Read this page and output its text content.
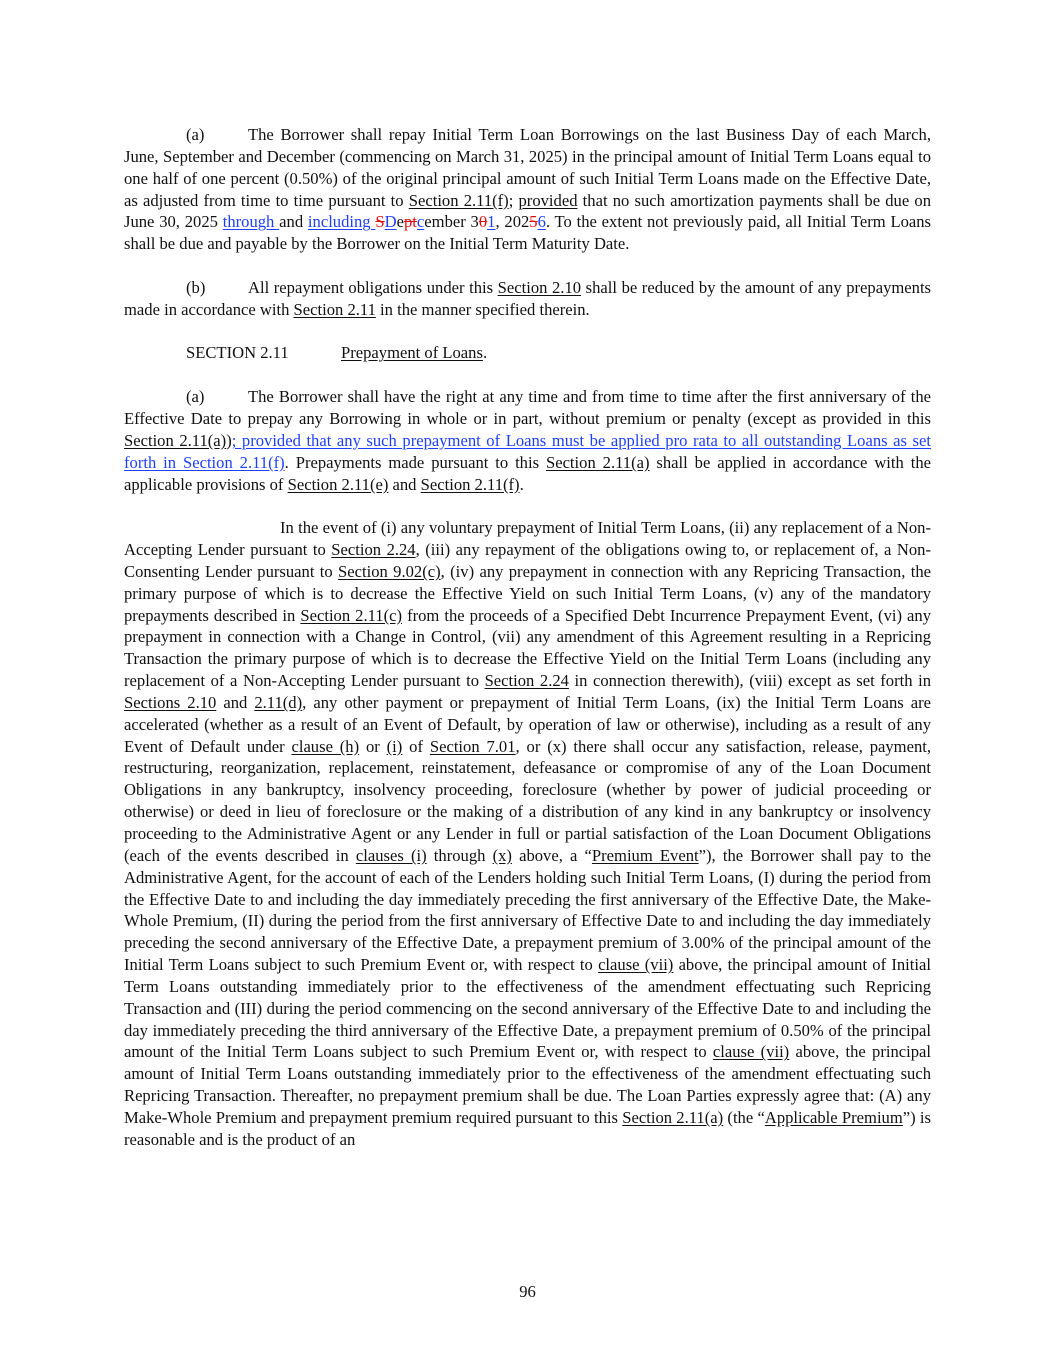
(a)	The Borrower shall repay Initial Term Loan Borrowings on the last Business Day of each March, June, September and December (commencing on March 31, 2025) in the principal amount of Initial Term Loans equal to one half of one percent (0.50%) of the original principal amount of such Initial Term Loans made on the Effective Date, as adjusted from time to time pursuant to Section 2.11(f); provided that no such amortization payments shall be due on June 30, 2025 through and including SDeptcember 301, 20256. To the extent not previously paid, all Initial Term Loans shall be due and payable by the Borrower on the Initial Term Maturity Date.

(b)	All repayment obligations under this Section 2.10 shall be reduced by the amount of any prepayments made in accordance with Section 2.11 in the manner specified therein.

SECTION 2.11	Prepayment of Loans.

(a)	The Borrower shall have the right at any time and from time to time after the first anniversary of the Effective Date to prepay any Borrowing in whole or in part, without premium or penalty (except as provided in this Section 2.11(a)); provided that any such prepayment of Loans must be applied pro rata to all outstanding Loans as set forth in Section 2.11(f). Prepayments made pursuant to this Section 2.11(a) shall be applied in accordance with the applicable provisions of Section 2.11(e) and Section 2.11(f).

In the event of (i) any voluntary prepayment of Initial Term Loans, (ii) any replacement of a Non-Accepting Lender pursuant to Section 2.24, (iii) any repayment of the obligations owing to, or replacement of, a Non-Consenting Lender pursuant to Section 9.02(c), (iv) any prepayment in connection with any Repricing Transaction, the primary purpose of which is to decrease the Effective Yield on such Initial Term Loans, (v) any of the mandatory prepayments described in Section 2.11(c) from the proceeds of a Specified Debt Incurrence Prepayment Event, (vi) any prepayment in connection with a Change in Control, (vii) any amendment of this Agreement resulting in a Repricing Transaction the primary purpose of which is to decrease the Effective Yield on the Initial Term Loans (including any replacement of a Non-Accepting Lender pursuant to Section 2.24 in connection therewith), (viii) except as set forth in Sections 2.10 and 2.11(d), any other payment or prepayment of Initial Term Loans, (ix) the Initial Term Loans are accelerated (whether as a result of an Event of Default, by operation of law or otherwise), including as a result of any Event of Default under clause (h) or (i) of Section 7.01, or (x) there shall occur any satisfaction, release, payment, restructuring, reorganization, replacement, reinstatement, defeasance or compromise of any of the Loan Document Obligations in any bankruptcy, insolvency proceeding, foreclosure (whether by power of judicial proceeding or otherwise) or deed in lieu of foreclosure or the making of a distribution of any kind in any bankruptcy or insolvency proceeding to the Administrative Agent or any Lender in full or partial satisfaction of the Loan Document Obligations (each of the events described in clauses (i) through (x) above, a “Premium Event”), the Borrower shall pay to the Administrative Agent, for the account of each of the Lenders holding such Initial Term Loans, (I) during the period from the Effective Date to and including the day immediately preceding the first anniversary of the Effective Date, the Make-Whole Premium, (II) during the period from the first anniversary of Effective Date to and including the day immediately preceding the second anniversary of the Effective Date, a prepayment premium of 3.00% of the principal amount of the Initial Term Loans subject to such Premium Event or, with respect to clause (vii) above, the principal amount of Initial Term Loans outstanding immediately prior to the effectiveness of the amendment effectuating such Repricing Transaction and (III) during the period commencing on the second anniversary of the Effective Date to and including the day immediately preceding the third anniversary of the Effective Date, a prepayment premium of 0.50% of the principal amount of the Initial Term Loans subject to such Premium Event or, with respect to clause (vii) above, the principal amount of Initial Term Loans outstanding immediately prior to the effectiveness of the amendment effectuating such Repricing Transaction. Thereafter, no prepayment premium shall be due. The Loan Parties expressly agree that: (A) any Make-Whole Premium and prepayment premium required pursuant to this Section 2.11(a) (the “Applicable Premium”) is reasonable and is the product of an

96
